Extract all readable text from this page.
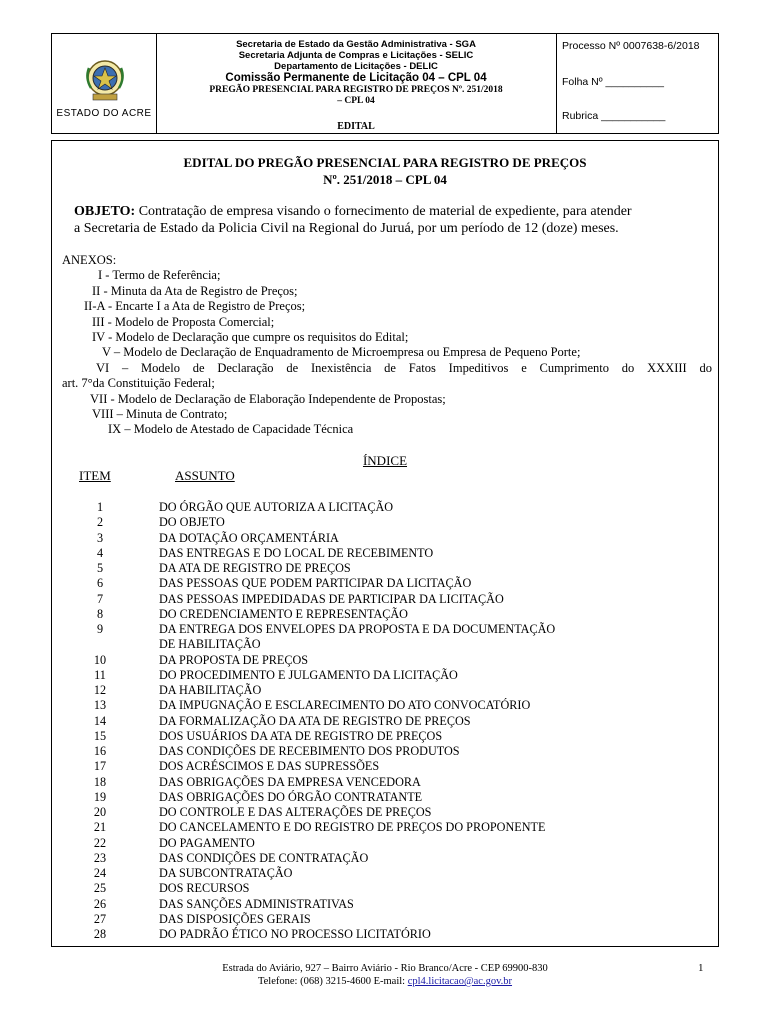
ESTADO DO ACRE
Secretaria de Estado da Gestão Administrativa - SGA
Secretaria Adjunta de Compras e Licitações - SELIC
Departamento de Licitações - DELIC
Comissão Permanente de Licitação 04 – CPL 04
PREGÃO PRESENCIAL PARA REGISTRO DE PREÇOS Nº. 251/2018
– CPL 04
EDITAL
Processo Nº 0007638-6/2018
Folha Nº __________
Rubrica ___________
EDITAL DO PREGÃO PRESENCIAL PARA REGISTRO DE PREÇOS
Nº. 251/2018 – CPL 04
OBJETO: Contratação de empresa visando o fornecimento de material de expediente, para atender
a Secretaria de Estado da Policia Civil na Regional do Juruá, por um período de 12 (doze) meses.
ANEXOS:
I - Termo de Referência;
II - Minuta da Ata de Registro de Preços;
II-A - Encarte I a Ata de Registro de Preços;
III - Modelo de Proposta Comercial;
IV - Modelo de Declaração que cumpre os requisitos do Edital;
V – Modelo de Declaração de Enquadramento de Microempresa ou Empresa de Pequeno Porte;
VI – Modelo de Declaração de Inexistência de Fatos Impeditivos e Cumprimento do XXXIII do
art. 7°da Constituição Federal;
VII - Modelo de Declaração de Elaboração Independente de Propostas;
VIII – Minuta de Contrato;
IX – Modelo de Atestado de Capacidade Técnica
ÍNDICE
ITEM	ASSUNTO
1	DO ÓRGÃO QUE AUTORIZA A LICITAÇÃO
2	DO OBJETO
3	DA DOTAÇÃO ORÇAMENTÁRIA
4	DAS ENTREGAS E DO LOCAL DE RECEBIMENTO
5	DA ATA DE REGISTRO DE PREÇOS
6	DAS PESSOAS QUE PODEM PARTICIPAR DA LICITAÇÃO
7	DAS PESSOAS IMPEDIDADAS DE PARTICIPAR DA LICITAÇÃO
8	DO CREDENCIAMENTO E REPRESENTAÇÃO
9	DA ENTREGA DOS ENVELOPES DA PROPOSTA E DA DOCUMENTAÇÃO
DE HABILITAÇÃO
10	DA PROPOSTA DE PREÇOS
11	DO PROCEDIMENTO E JULGAMENTO DA LICITAÇÃO
12	DA HABILITAÇÃO
13	DA IMPUGNAÇÃO E ESCLARECIMENTO DO ATO CONVOCATÓRIO
14	DA FORMALIZAÇÃO DA ATA DE REGISTRO DE PREÇOS
15	DOS USUÁRIOS DA ATA DE REGISTRO DE PREÇOS
16	DAS CONDIÇÕES DE RECEBIMENTO DOS PRODUTOS
17	DOS ACRÉSCIMOS E DAS SUPRESSÕES
18	DAS OBRIGAÇÕES DA EMPRESA VENCEDORA
19	DAS OBRIGAÇÕES DO ÓRGÃO CONTRATANTE
20	DO CONTROLE E DAS ALTERAÇÕES DE PREÇOS
21	DO CANCELAMENTO E DO REGISTRO DE PREÇOS DO PROPONENTE
22	DO PAGAMENTO
23	DAS CONDIÇÕES DE CONTRATAÇÃO
24	DA SUBCONTRATAÇÃO
25	DOS RECURSOS
26	DAS SANÇÕES ADMINISTRATIVAS
27	DAS DISPOSIÇÕES GERAIS
28	DO PADRÃO ÉTICO NO PROCESSO LICITATÓRIO
Estrada do Aviário, 927 – Bairro Aviário - Rio Branco/Acre - CEP 69900-830
Telefone: (068) 3215-4600 E-mail: cpl4.licitacao@ac.gov.br
1
